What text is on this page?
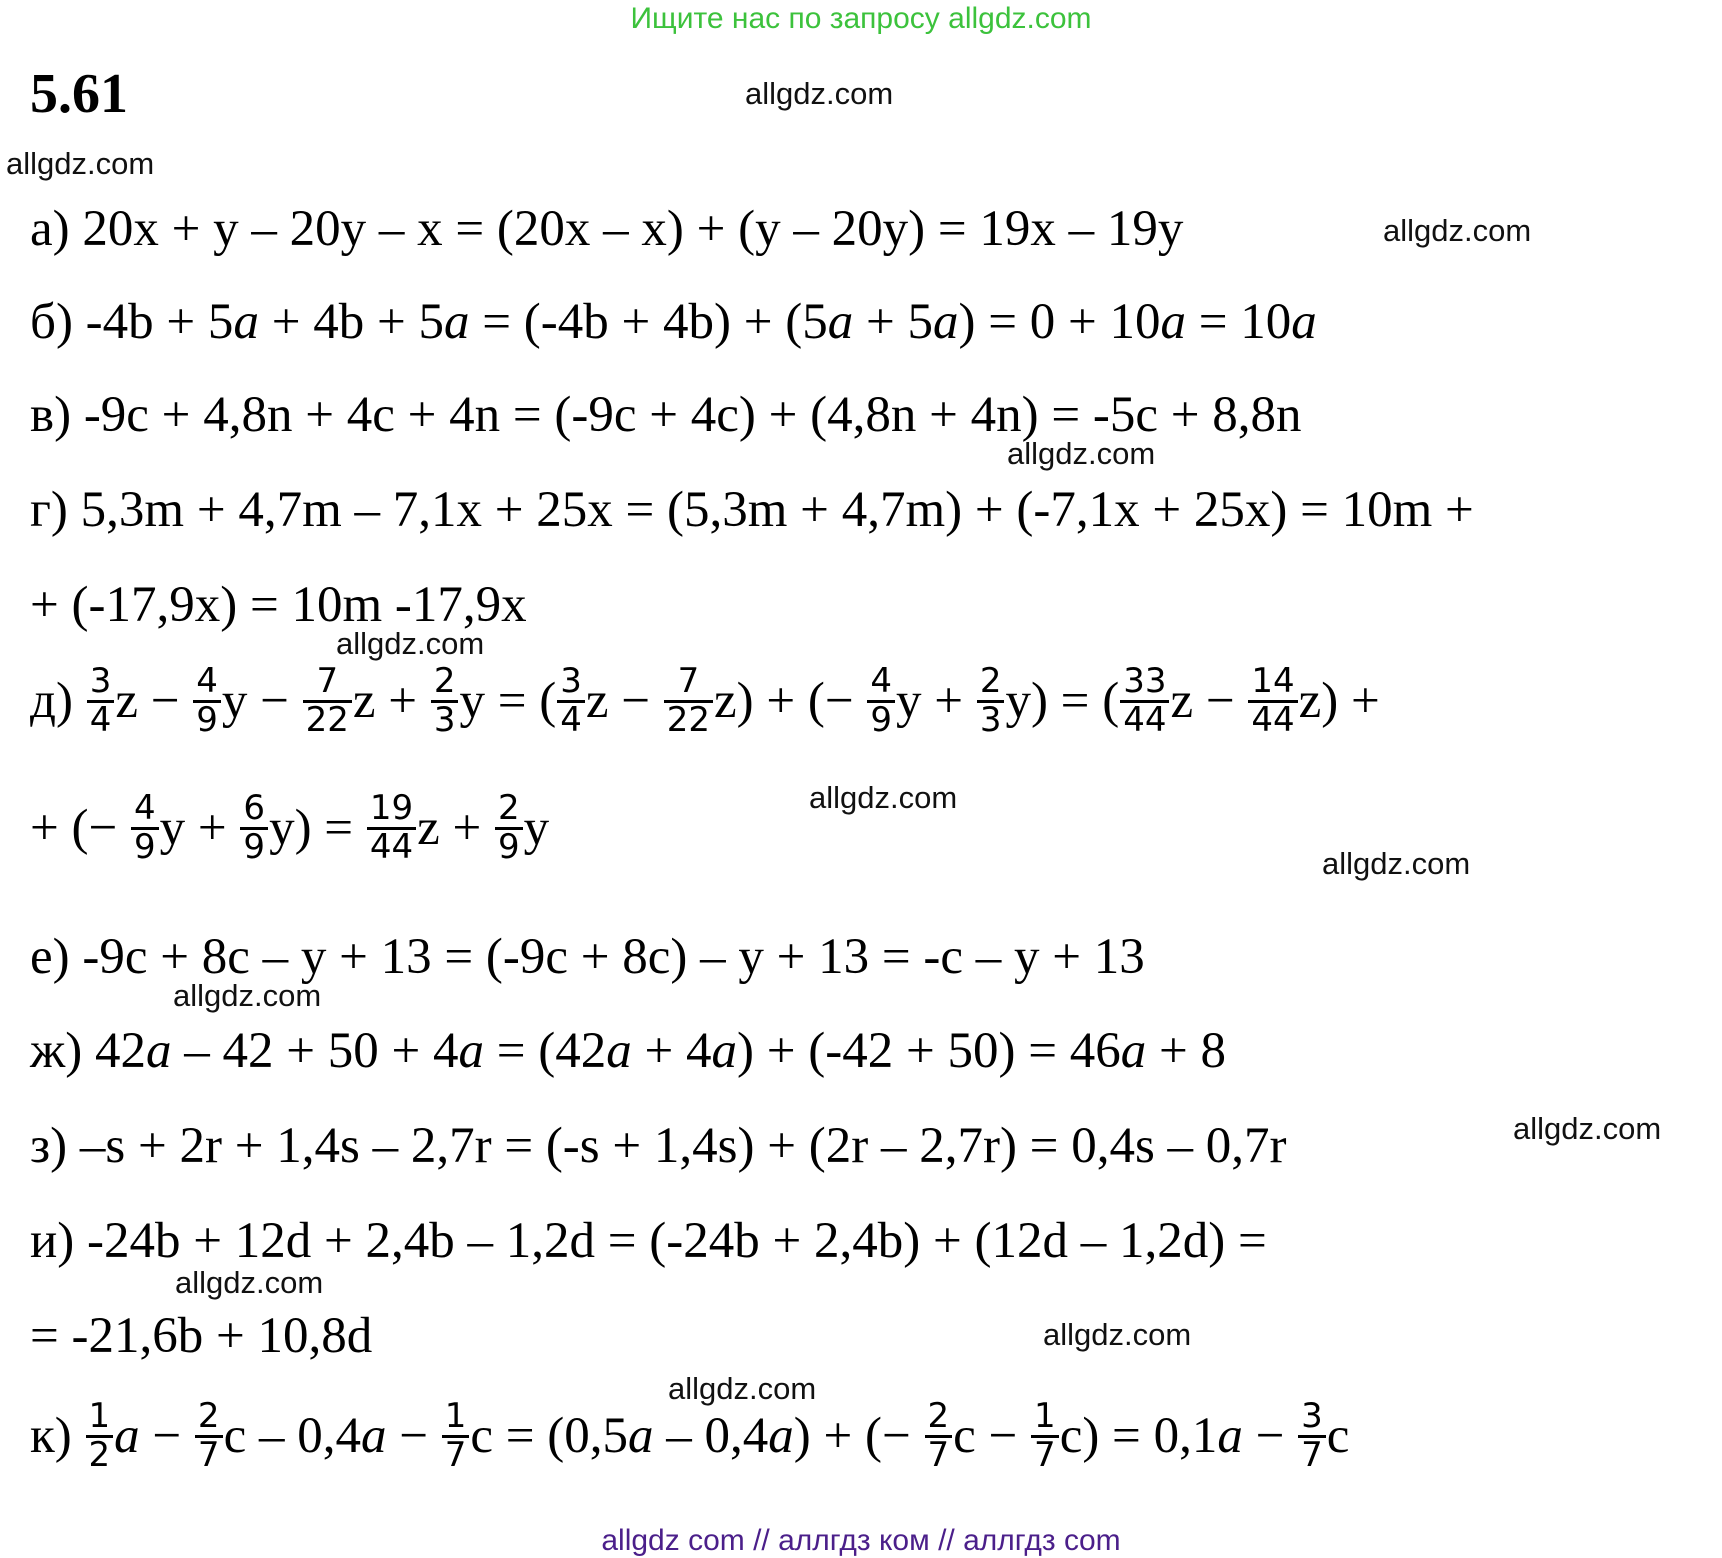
Ищите нас по запросу allgdz.com
5.61	allgdz.com
allgdz.com
allgdz.com
allgdz.com
allgdz.com
allgdz.com
allgdz.com
allgdz.com
allgdz.com
allgdz.com
allgdz.com
allgdz.com
а) 20x + y – 20y – x = (20x – x) + (y – 20y) = 19x – 19y
б) -4b + 5a + 4b + 5a = (-4b + 4b) + (5a + 5a) = 0 + 10a = 10a
в) -9c + 4,8n + 4c + 4n = (-9c + 4c) + (4,8n + 4n) = -5c + 8,8n
г) 5,3m + 4,7m – 7,1x + 25x = (5,3m + 4,7m) + (-7,1x + 25x) = 10m +
+ (-17,9x) = 10m -17,9x
$д) \frac{3}{4}$ $z - \frac{4}{9}$ $y - \frac{7}{22}$ $z + \frac{2}{3}$ y = ( $\frac{3}{4}$ $z - \frac{7}{22} z$) + (− $\frac{4}{9}$ $y + \frac{2}{3} y$) = ( $\frac{33}{44}$ $z - \frac{14}{44} z$) +
+ (− $\frac{4}{9}$ $y + \frac{6}{9} y) = \frac{19}{44}$ $z + \frac{2}{9}$ y
е) -9c + 8c – y + 13 = (-9c + 8c) – y + 13 = -c – y + 13
ж) 42a – 42 + 50 + 4a = (42a + 4a) + (-42 + 50) = 46a + 8
з) –s + 2r + 1,4s – 2,7r = (-s + 1,4s) + (2r – 2,7r) = 0,4s – 0,7r
и) -24b + 12d + 2,4b – 1,2d = (-24b + 2,4b) + (12d – 1,2d) =
= -21,6b + 10,8d
$к) \frac{1}{2}$ $a - \frac{2}{7}$ $c - 0,4a - \frac{1}{7}$ c = (0,5a – 0,4a) + (− $\frac{2}{7}$ $c - \frac{1}{7} c) = 0,1a - \frac{3}{7}$ c
allgdz com // аллгдз ком // аллгдз com
